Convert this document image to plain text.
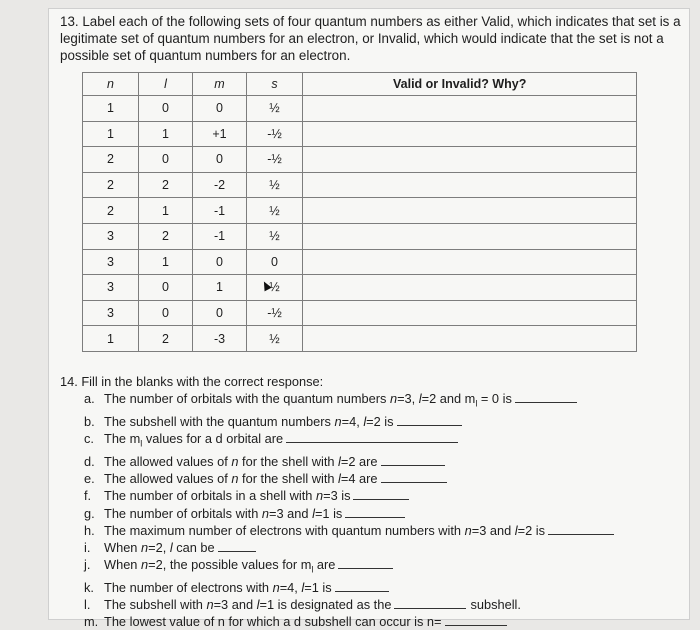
13. Label each of the following sets of four quantum numbers as either Valid, which indicates that set is a legitimate set of quantum numbers for an electron, or Invalid, which would indicate that the set is not a possible set of quantum numbers for an electron.
n	l	m	s	Valid or Invalid? Why?
1	0	0	½	
1	1	+1	-½	
2	0	0	-½	
2	2	-2	½	
2	1	-1	½	
3	2	-1	½	
3	1	0	0	
3	0	1	½	
3	0	0	-½	
1	2	-3	½	
14. Fill in the blanks with the correct response:
a. The number of orbitals with the quantum numbers n=3, l=2 and $m_l = 0$ is
b. The subshell with the quantum numbers n=4, l=2 is
c. The $m_l$ values for a d orbital are
d. The allowed values of n for the shell with l=2 are
e. The allowed values of n for the shell with l=4 are
f. The number of orbitals in a shell with n=3 is
g. The number of orbitals with n=3 and l=1 is
h. The maximum number of electrons with quantum numbers with n=3 and l=2 is
i. When n=2, l can be
j. When n=2, the possible values for $m_l$ are
k. The number of electrons with n=4, l=1 is
l. The subshell with n=3 and l=1 is designated as the	subshell.
m. The lowest value of n for which a d subshell can occur is n=
